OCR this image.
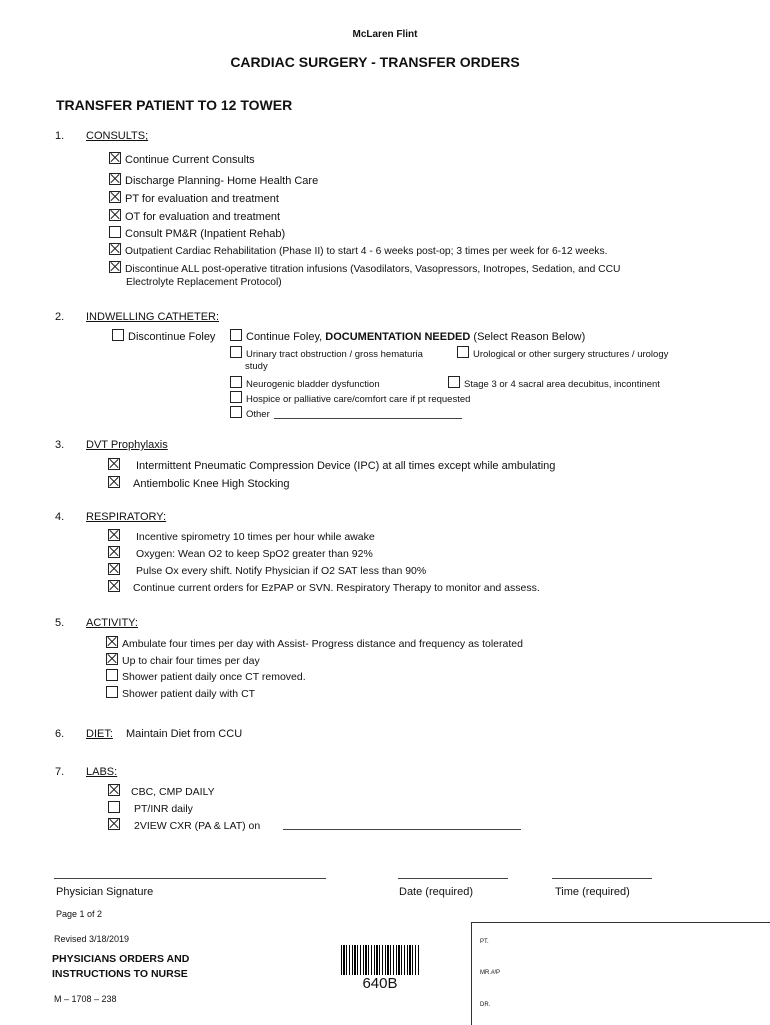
McLaren Flint
CARDIAC SURGERY - TRANSFER ORDERS
TRANSFER PATIENT TO 12 TOWER
1. CONSULTS;
Continue Current Consults
Discharge Planning- Home Health Care
PT for evaluation and treatment
OT for evaluation and treatment
Consult PM&R (Inpatient Rehab)
Outpatient Cardiac Rehabilitation (Phase II) to start 4 - 6 weeks post-op; 3 times per week for 6-12 weeks.
Discontinue ALL post-operative titration infusions (Vasodilators, Vasopressors, Inotropes, Sedation, and CCU
Electrolyte Replacement Protocol)
2. INDWELLING CATHETER:
Discontinue Foley	Continue Foley, DOCUMENTATION NEEDED (Select Reason Below)
Urinary tract obstruction / gross hematuria	Urological or other surgery structures / urology
study
Neurogenic bladder dysfunction	Stage 3 or 4 sacral area decubitus, incontinent
Hospice or palliative care/comfort care if pt requested
Other
3. DVT Prophylaxis
Intermittent Pneumatic Compression Device (IPC) at all times except while ambulating
Antiembolic Knee High Stocking
4. RESPIRATORY:
Incentive spirometry 10 times per hour while awake
Oxygen: Wean O2 to keep SpO2 greater than 92%
Pulse Ox every shift. Notify Physician if O2 SAT less than 90%
Continue current orders for EzPAP or SVN. Respiratory Therapy to monitor and assess.
5. ACTIVITY:
Ambulate four times per day with Assist- Progress distance and frequency as tolerated
Up to chair four times per day
Shower patient daily once CT removed.
Shower patient daily with CT
6. DIET: Maintain Diet from CCU
7. LABS:
CBC, CMP DAILY
PT/INR daily
2VIEW CXR (PA & LAT) on
Physician Signature	Date (required)	Time (required)
Page 1 of 2
Revised 3/18/2019
PHYSICIANS ORDERS AND
INSTRUCTIONS TO NURSE
M – 1708 – 238
640B
PT.
MR.#/P
DR.
